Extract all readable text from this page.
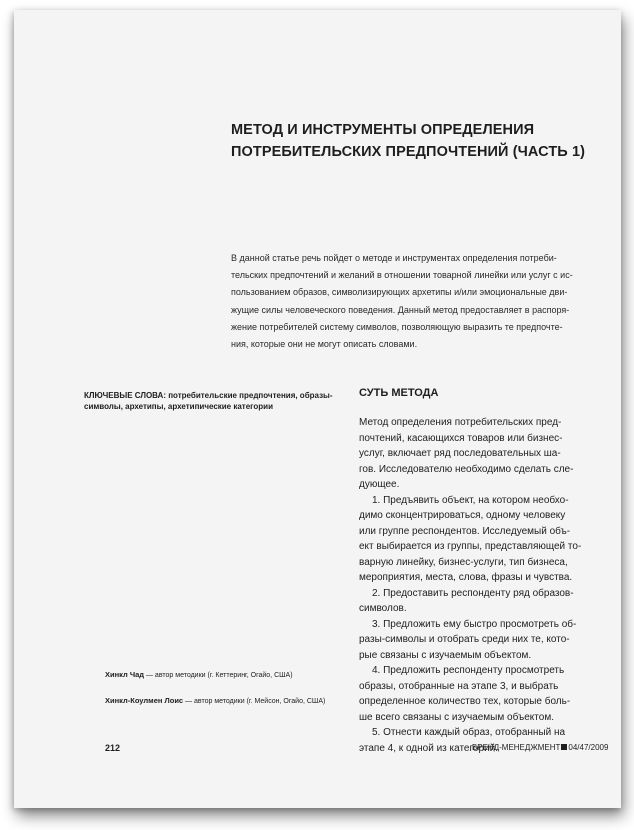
МЕТОД И ИНСТРУМЕНТЫ ОПРЕДЕЛЕНИЯ
ПОТРЕБИТЕЛЬСКИХ ПРЕДПОЧТЕНИЙ (ЧАСТЬ 1)
В данной статье речь пойдет о методе и инструментах определения потреби-
тельских предпочтений и желаний в отношении товарной линейки или услуг с ис-
пользованием образов, символизирующих архетипы и/или эмоциональные дви-
жущие силы человеческого поведения. Данный метод предоставляет в распоря-
жение потребителей систему символов, позволяющую выразить те предпочте-
ния, которые они не могут описать словами.
КЛЮЧЕВЫЕ СЛОВА: потребительские предпочтения, образы-
символы, архетипы, архетипические категории
СУТЬ МЕТОДА
Метод определения потребительских пред-
почтений, касающихся товаров или бизнес-
услуг, включает ряд последовательных ша-
гов. Исследователю необходимо сделать сле-
дующее.
1. Предъявить объект, на котором необхо-
димо сконцентрироваться, одному человеку
или группе респондентов. Исследуемый объ-
ект выбирается из группы, представляющей то-
варную линейку, бизнес-услуги, тип бизнеса,
мероприятия, места, слова, фразы и чувства.
2. Предоставить респонденту ряд образов-
символов.
3. Предложить ему быстро просмотреть об-
разы-символы и отобрать среди них те, кото-
рые связаны с изучаемым объектом.
4. Предложить респонденту просмотреть
образы, отобранные на этапе 3, и выбрать
определенное количество тех, которые боль-
ше всего связаны с изучаемым объектом.
5. Отнести каждый образ, отобранный на
этапе 4, к одной из категорий.
Хинкл Чад — автор методики (г. Кеттеринг, Огайо, США)
Хинкл-Коулмен Лоис — автор методики (г. Мейсон, Огайо, США)
212	БРЕНД-МЕНЕДЖМЕНТ 04/47/2009
